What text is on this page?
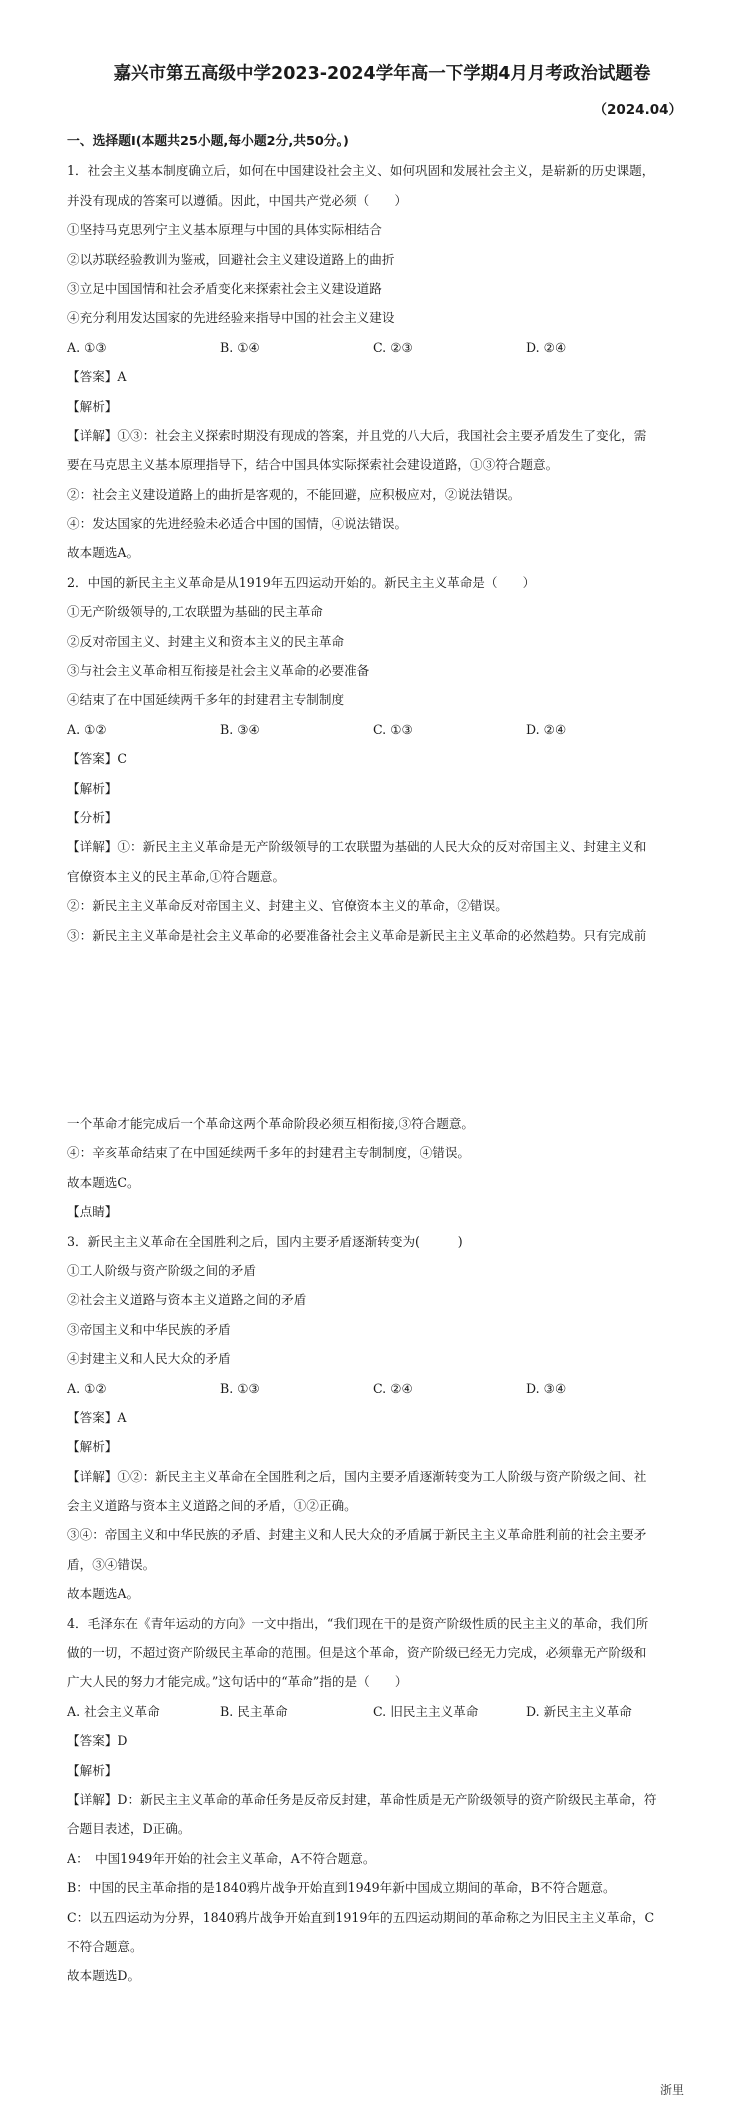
嘉兴市第五高级中学2023-2024学年高一下学期4月月考政治试题卷
（2024.04）
一、选择题Ⅰ(本题共25小题,每小题2分,共50分。)
1．社会主义基本制度确立后，如何在中国建设社会主义、如何巩固和发展社会主义，是崭新的历史课题，
并没有现成的答案可以遵循。因此，中国共产党必须（　　）
①坚持马克思列宁主义基本原理与中国的具体实际相结合
②以苏联经验教训为鉴戒，回避社会主义建设道路上的曲折
③立足中国国情和社会矛盾变化来探索社会主义建设道路
④充分利用发达国家的先进经验来指导中国的社会主义建设
A. ①③	B. ①④	C. ②③	D. ②④
【答案】A
【解析】
【详解】①③：社会主义探索时期没有现成的答案，并且党的八大后，我国社会主要矛盾发生了变化，需
要在马克思主义基本原理指导下，结合中国具体实际探索社会建设道路，①③符合题意。
②：社会主义建设道路上的曲折是客观的，不能回避，应积极应对，②说法错误。
④：发达国家的先进经验未必适合中国的国情，④说法错误。
故本题选A。
2．中国的新民主主义革命是从1919年五四运动开始的。新民主主义革命是（　　）
①无产阶级领导的,工农联盟为基础的民主革命
②反对帝国主义、封建主义和资本主义的民主革命
③与社会主义革命相互衔接是社会主义革命的必要准备
④结束了在中国延续两千多年的封建君主专制制度
A. ①②	B. ③④	C. ①③	D. ②④
【答案】C
【解析】
【分析】
【详解】①：新民主主义革命是无产阶级领导的工农联盟为基础的人民大众的反对帝国主义、封建主义和
官僚资本主义的民主革命,①符合题意。
②：新民主主义革命反对帝国主义、封建主义、官僚资本主义的革命，②错误。
③：新民主主义革命是社会主义革命的必要准备社会主义革命是新民主主义革命的必然趋势。只有完成前
一个革命才能完成后一个革命这两个革命阶段必须互相衔接,③符合题意。
④：辛亥革命结束了在中国延续两千多年的封建君主专制制度，④错误。
故本题选C。
【点睛】
3．新民主主义革命在全国胜利之后，国内主要矛盾逐渐转变为(　　　)
①工人阶级与资产阶级之间的矛盾
②社会主义道路与资本主义道路之间的矛盾
③帝国主义和中华民族的矛盾
④封建主义和人民大众的矛盾
A. ①②	B. ①③	C. ②④	D. ③④
【答案】A
【解析】
【详解】①②：新民主主义革命在全国胜利之后，国内主要矛盾逐渐转变为工人阶级与资产阶级之间、社
会主义道路与资本主义道路之间的矛盾，①②正确。
③④：帝国主义和中华民族的矛盾、封建主义和人民大众的矛盾属于新民主主义革命胜利前的社会主要矛
盾，③④错误。
故本题选A。
4．毛泽东在《青年运动的方向》一文中指出，“我们现在干的是资产阶级性质的民主主义的革命，我们所
做的一切，不超过资产阶级民主革命的范围。但是这个革命，资产阶级已经无力完成，必须靠无产阶级和
广大人民的努力才能完成。”这句话中的“革命”指的是（　　）
A. 社会主义革命	B. 民主革命	C. 旧民主主义革命	D. 新民主主义革命
【答案】D
【解析】
【详解】D：新民主主义革命的革命任务是反帝反封建，革命性质是无产阶级领导的资产阶级民主革命，符
合题目表述，D正确。
A：　中国1949年开始的社会主义革命，A不符合题意。
B：中国的民主革命指的是1840鸦片战争开始直到1949年新中国成立期间的革命，B不符合题意。
C：以五四运动为分界，1840鸦片战争开始直到1919年的五四运动期间的革命称之为旧民主主义革命，C
不符合题意。
故本题选D。
浙里
